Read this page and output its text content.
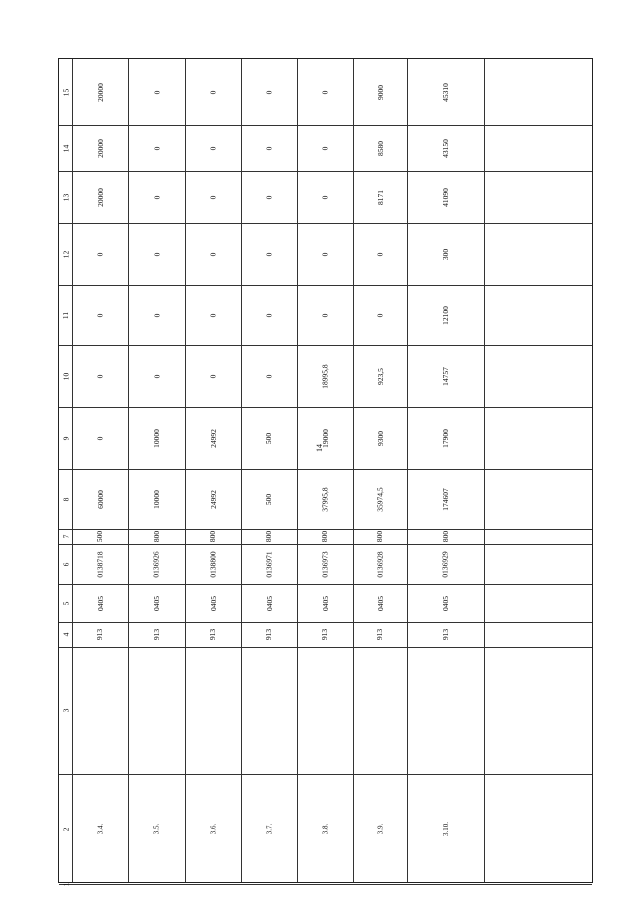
14
15
14
13
12
11
10
9
8
7
6
5
4
3
2
1
20000
20000
20000
0
0
0
0
60000
500
0138718
0405
913
3.4.
0
0
0
0
0
0
10000
10000
800
0136926
0405
913
3.5.
0
0
0
0
0
0
24992
24992
800
0138800
0405
913
3.6.
0
0
0
0
0
0
500
500
800
0136971
0405
913
3.7.
0
0
0
0
0
18995,8
19000
37995,8
800
0136973
0405
913
3.8.
9000
8580
8171
0
0
923,5
9300
35974,5
800
0136928
0405
913
3.9.
45310
43150
41090
300
12100
14757
17900
174607
800
0136929
0405
913
3.10.
